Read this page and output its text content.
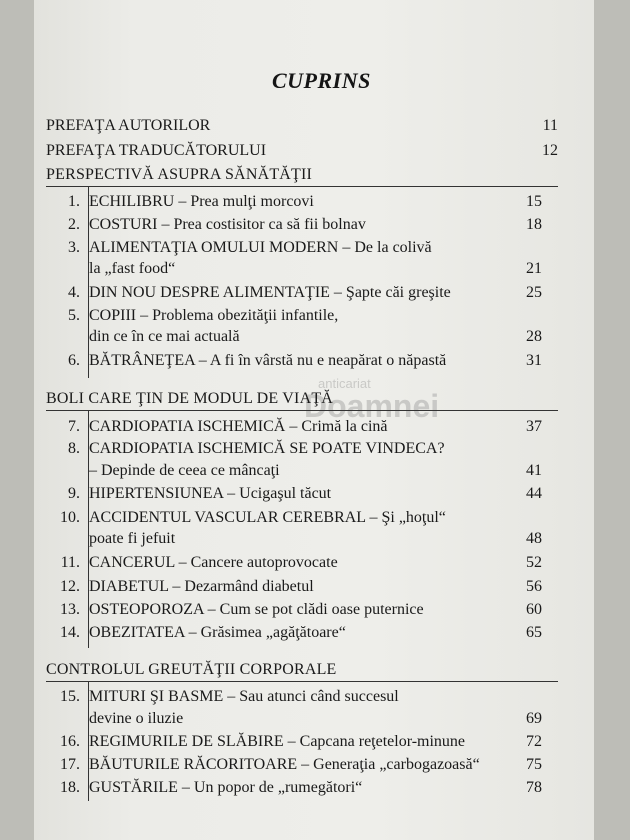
anticariat
Doamnei
CUPRINS
PREFAŢA AUTORILOR	11
PREFAŢA TRADUCĂTORULUI	12
PERSPECTIVĂ ASUPRA SĂNĂTĂŢII
1. ECHILIBRU – Prea mulţi morcovi	15
2. COSTURI – Prea costisitor ca să fii bolnav	18
3. ALIMENTAŢIA OMULUI MODERN – De la colivă
la „fast food“	21
4. DIN NOU DESPRE ALIMENTAŢIE – Şapte căi greşite	25
5. COPIII – Problema obezităţii infantile,
din ce în ce mai actuală	28
6. BĂTRÂNEŢEA – A fi în vârstă nu e neapărat o năpastă	31
BOLI CARE ŢIN DE MODUL DE VIAŢĂ
7. CARDIOPATIA ISCHEMICĂ – Crimă la cină	37
8. CARDIOPATIA ISCHEMICĂ SE POATE VINDECA?
– Depinde de ceea ce mâncaţi	41
9. HIPERTENSIUNEA – Ucigaşul tăcut	44
10. ACCIDENTUL VASCULAR CEREBRAL – Şi „hoţul“
poate fi jefuit	48
11. CANCERUL – Cancere autoprovocate	52
12. DIABETUL – Dezarmând diabetul	56
13. OSTEOPOROZA – Cum se pot clădi oase puternice	60
14. OBEZITATEA – Grăsimea „agăţătoare“	65
CONTROLUL GREUTĂŢII CORPORALE
15. MITURI ŞI BASME – Sau atunci când succesul
devine o iluzie	69
16. REGIMURILE DE SLĂBIRE – Capcana reţetelor-minune	72
17. BĂUTURILE RĂCORITOARE – Generaţia „carbogazoasă“	75
18. GUSTĂRILE – Un popor de „rumegători“	78
